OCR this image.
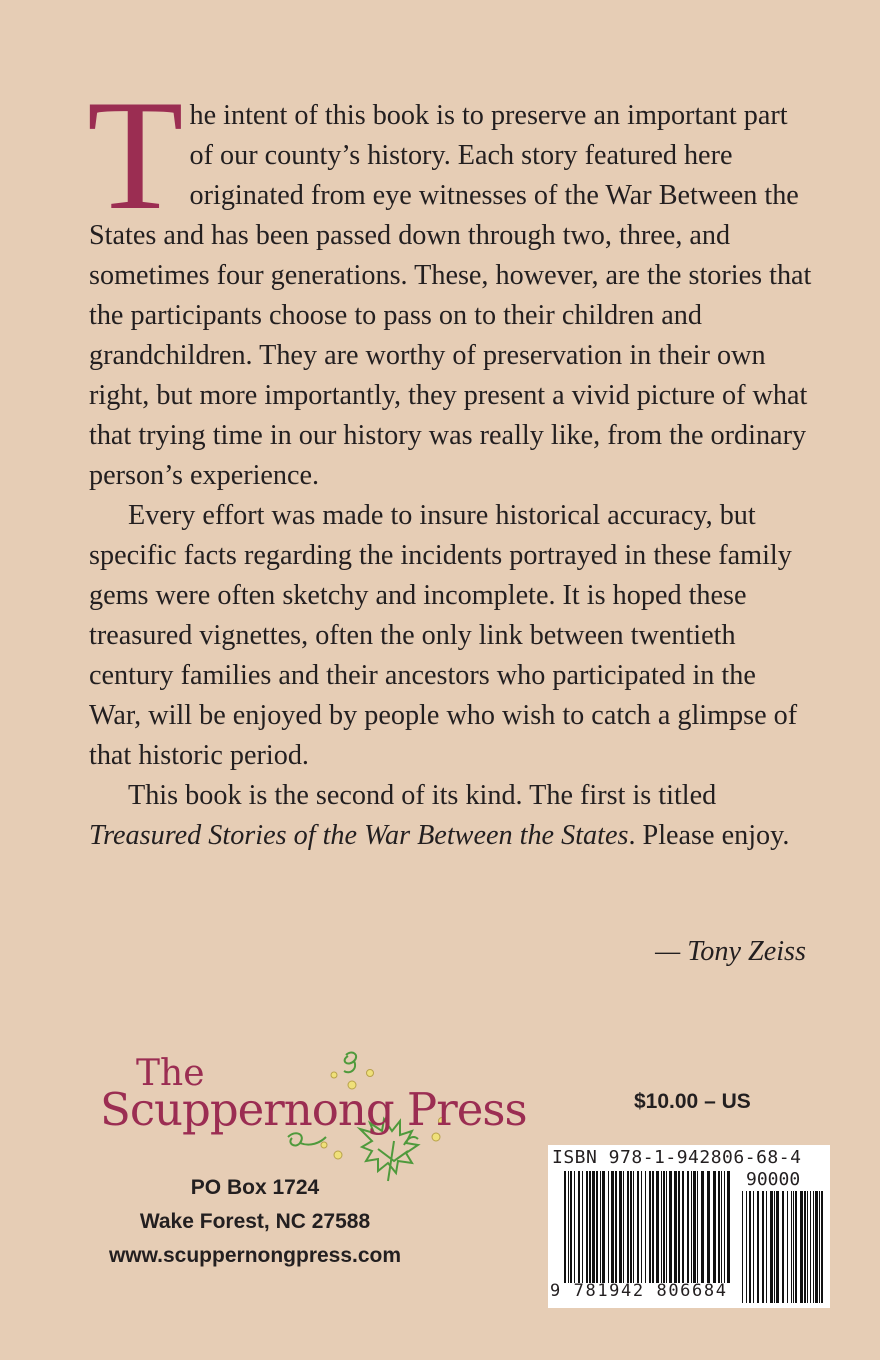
The intent of this book is to preserve an important part of our county’s history. Each story featured here originated from eye witnesses of the War Between the States and has been passed down through two, three, and sometimes four generations. These, however, are the stories that the participants choose to pass on to their children and grandchildren. They are worthy of preservation in their own right, but more importantly, they present a vivid picture of what that trying time in our history was really like, from the ordinary person’s experience.

Every effort was made to insure historical accuracy, but specific facts regarding the incidents portrayed in these family gems were often sketchy and incomplete. It is hoped these treasured vignettes, often the only link between twentieth century families and their ancestors who participated in the War, will be enjoyed by people who wish to catch a glimpse of that historic period.

This book is the second of its kind. The first is titled Treasured Stories of the War Between the States. Please enjoy.

— Tony Zeiss
The
Scuppernong Press
PO Box 1724
Wake Forest, NC 27588
www.scuppernongpress.com
$10.00 – US
ISBN 978-1-942806-68-4
90000
9 781942 806684
